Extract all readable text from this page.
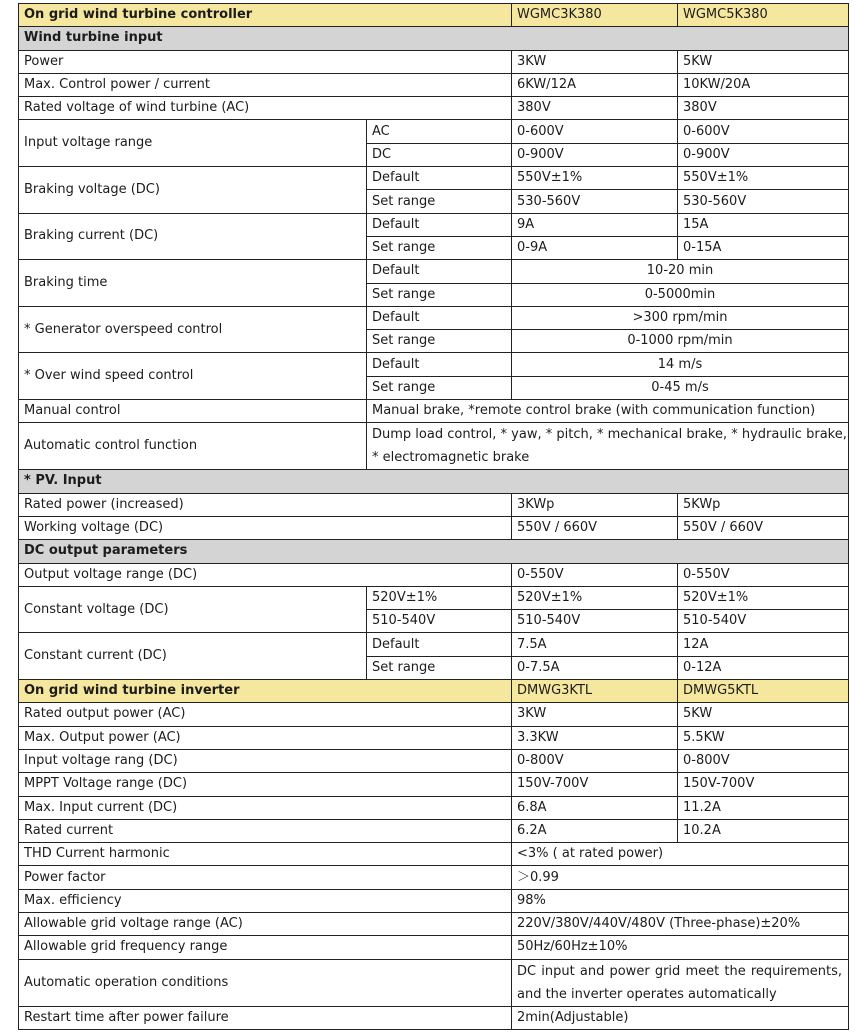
On grid wind turbine controller		WGMC3K380	WGMC5K380
Wind turbine input			
Power		3KW	5KW
Max. Control power / current		6KW/12A	10KW/20A
Rated voltage of wind turbine (AC)		380V	380V
Input voltage range	AC	0-600V	0-600V
	DC	0-900V	0-900V
Braking voltage (DC)	Default	550V±1%	550V±1%
	Set range	530-560V	530-560V
Braking current (DC)	Default	9A	15A
	Set range	0-9A	0-15A
Braking time	Default	10-20 min	
	Set range	0-5000min	
* Generator overspeed control	Default	>300 rpm/min	
	Set range	0-1000 rpm/min	
* Over wind speed control	Default	14 m/s	
	Set range	0-45 m/s	
Manual control	Manual brake, *remote control brake (with communication function)		
Automatic control function	Dump load control, * yaw, * pitch, * mechanical brake, * hydraulic brake, * electromagnetic brake		
* PV. Input			
Rated power (increased)		3KWp	5KWp
Working voltage (DC)		550V / 660V	550V / 660V
DC output parameters			
Output voltage range (DC)		0-550V	0-550V
Constant voltage (DC)	520V±1%	520V±1%	520V±1%
	510-540V	510-540V	510-540V
Constant current (DC)	Default	7.5A	12A
	Set range	0-7.5A	0-12A
On grid wind turbine inverter		DMWG3KTL	DMWG5KTL
Rated output power (AC)		3KW	5KW
Max. Output power (AC)		3.3KW	5.5KW
Input voltage rang (DC)		0-800V	0-800V
MPPT Voltage range (DC)		150V-700V	150V-700V
Max. Input current (DC)		6.8A	11.2A
Rated current		6.2A	10.2A
THD Current harmonic		<3% ( at rated power)	
Power factor		＞0.99	
Max. efficiency		98%	
Allowable grid voltage range (AC)		220V/380V/440V/480V (Three-phase)±20%	
Allowable grid frequency range		50Hz/60Hz±10%	
Automatic operation conditions		DC input and power grid meet the requirements, and the inverter operates automatically	
Restart time after power failure		2min(Adjustable)	
